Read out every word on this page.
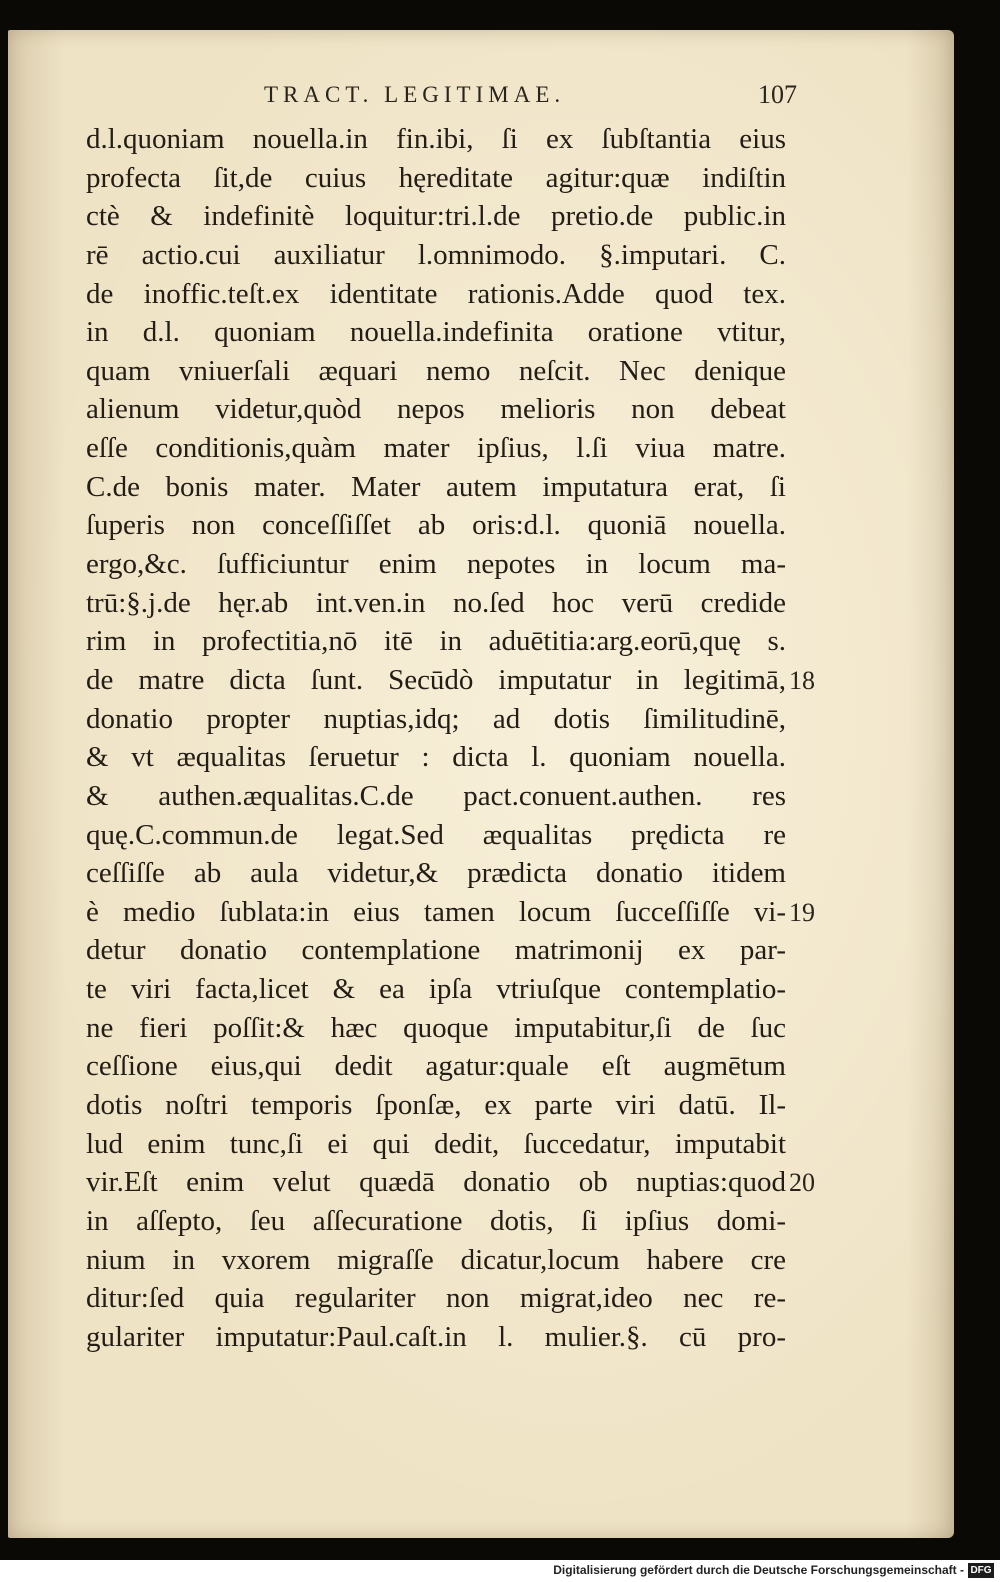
TRACT. LEGITIMAE.	107
d.l.quoniam nouella.in fin.ibi, ſi ex ſubſtantia eius
profecta ſit,de cuius hęreditate agitur:quæ indiſtin
ctè & indefinitè loquitur:tri.l.de pretio.de public.in
rē actio.cui auxiliatur l.omnimodo. §.imputari. C.
de inoffic.teſt.ex identitate rationis.Adde quod tex.
in d.l. quoniam nouella.indefinita oratione vtitur,
quam vniuerſali æquari nemo neſcit. Nec denique
alienum videtur,quòd nepos melioris non debeat
eſſe conditionis,quàm mater ipſius, l.ſi viua matre.
C.de bonis mater. Mater autem imputatura erat, ſi
ſuperis non conceſſiſſet ab oris:d.l. quoniā nouella.
ergo,&c. ſufficiuntur enim nepotes in locum ma-
trū:§.j.de hęr.ab int.ven.in no.ſed hoc verū credide
rim in profectitia,nō itē in aduētitia:arg.eorū,quę s.
de matre dicta ſunt. Secūdò imputatur in legitimā,
donatio propter nuptias,idq; ad dotis ſimilitudinē,
& vt æqualitas ſeruetur : dicta l. quoniam nouella.
& authen.æqualitas.C.de pact.conuent.authen. res
quę.C.commun.de legat.Sed æqualitas prędicta re
ceſſiſſe ab aula videtur,& prædicta donatio itidem
è medio ſublata:in eius tamen locum ſucceſſiſſe vi-
detur donatio contemplatione matrimonij ex par-
te viri facta,licet & ea ipſa vtriuſque contemplatio-
ne fieri poſſit:& hæc quoque imputabitur,ſi de ſuc
ceſſione eius,qui dedit agatur:quale eſt augmētum
dotis noſtri temporis ſponſæ, ex parte viri datū. Il-
lud enim tunc,ſi ei qui dedit, ſuccedatur, imputabit
vir.Eſt enim velut quædā donatio ob nuptias:quod
in aſſepto, ſeu aſſecuratione dotis, ſi ipſius domi-
nium in vxorem migraſſe dicatur,locum habere cre
ditur:ſed quia regulariter non migrat,ideo nec re-
gulariter imputatur:Paul.caſt.in l. mulier.§. cū pro-
18
19
20
Digitalisierung gefördert durch die Deutsche Forschungsgemeinschaft - DFG
